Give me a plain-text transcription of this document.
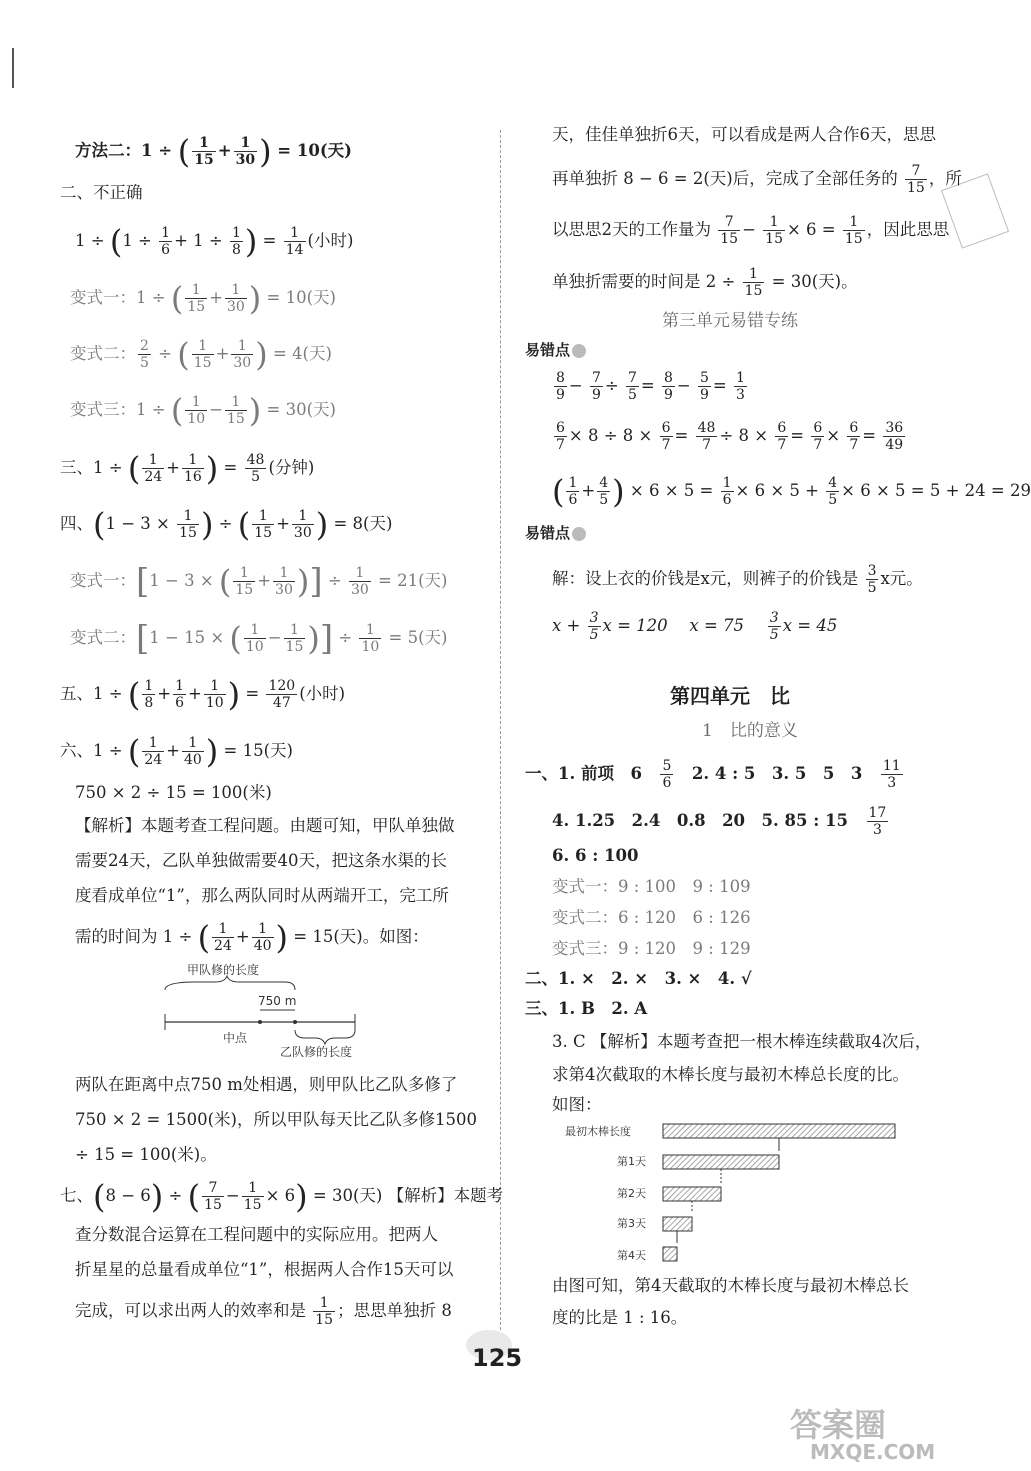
方法二：1 ÷ ( $\frac{1}{15} + \frac{1}{30}$ ) = 10(天)
二、不正确
$1 \div (1 \div \frac{1}{6} + 1 \div \frac{1}{8}$ ) = $\frac{1}{14}$ (小时)
变式一：1 ÷ ( $\frac{1}{15} + \frac{1}{30}$ ) = 10(天)
变式二： $\frac{2}{5}$ ÷ ( $\frac{1}{15} + \frac{1}{30}$ ) = 4(天)
变式三：1 ÷ ( $\frac{1}{10} - \frac{1}{15}$ ) = 30(天)
三、1 ÷ ( $\frac{1}{24} + \frac{1}{16}$ ) = $\frac{48}{5}$ (分钟)
四、($1 - 3 \times \frac{1}{15}$ ) ÷ ( $\frac{1}{15} + \frac{1}{30}$ ) = 8(天)
变式一：[1 − 3 × ( $\frac{1}{15} + \frac{1}{30}$ )] ÷ $\frac{1}{30} = 21$(天)
变式二：[1 − 15 × ( $\frac{1}{10} - \frac{1}{15}$ )] ÷ $\frac{1}{10} = 5$(天)
五、1 ÷ ( $\frac{1}{8} + \frac{1}{6} + \frac{1}{10}$ ) = $\frac{120}{47}$ (小时)
六、1 ÷ ( $\frac{1}{24} + \frac{1}{40}$ ) = 15(天)
750 × 2 ÷ 15 = 100(米)
【解析】本题考查工程问题。由题可知，甲队单独做
需要24天，乙队单独做需要40天，把这条水渠的长
度看成单位“1”，那么两队同时从两端开工，完工所
需的时间为 1 ÷ ( $\frac{1}{24} + \frac{1}{40}$ ) = 15(天)。如图：
甲队修的长度
750 m
中点
乙队修的长度
两队在距离中点750 m处相遇，则甲队比乙队多修了
750 × 2 = 1500(米)，所以甲队每天比乙队多修1500
÷ 15 = 100(米)。
七、(8 − 6) ÷ ( $\frac{7}{15} - \frac{1}{15} \times 6) = 30$(天) 【解析】本题考
查分数混合运算在工程问题中的实际应用。把两人
折星星的总量看成单位“1”，根据两人合作15天可以
完成，可以求出两人的效率和是 $\frac{1}{15}$ ；思思单独折 8
天，佳佳单独折6天，可以看成是两人合作6天，思思
再单独折 8 − 6 = 2(天)后，完成了全部任务的 $\frac{7}{15}$ ，所
以思思2天的工作量为 $\frac{7}{15} - \frac{1}{15} \times 6 = \frac{1}{15}$ ，因此思思
单独折需要的时间是 $2 \div \frac{1}{15} = 30$(天)。
第三单元易错专练
易错点
$\frac{8}{9} - \frac{7}{9} \div \frac{7}{5} = \frac{8}{9} - \frac{5}{9} = \frac{1}{3}$
$\frac{6}{7} \times 8 \div 8 \times \frac{6}{7} = \frac{48}{7} \div 8 \times \frac{6}{7} = \frac{6}{7} \times \frac{6}{7} = \frac{36}{49}$
( $\frac{1}{6} + \frac{4}{5}$ ) × $6 \times 5 = \frac{1}{6} \times 6 \times 5 + \frac{4}{5} \times 6 \times 5 = 5 + 24 = 29$
易错点
解：设上衣的价钱是x元，则裤子的价钱是 $\frac{3}{5}$ x元。
$x + \frac{3}{5}$ x = 120　 x = 75 　 $\frac{3}{5}$ x = 45
第四单元　比
1　比的意义
一、1. 前项　6　 $\frac{5}{6}$ 　2. 4 : 5　3. 5　5　3　 $\frac{11}{3}$
4. 1.25　2.4　0.8　20　5. 85 : 15　 $\frac{17}{3}$
6. 6 : 100
变式一：9 : 100　9 : 109
变式二：6 : 120　6 : 126
变式三：9 : 120　9 : 129
二、1. ×　2. ×　3. ×　4. √
三、1. B　2. A
3. C 【解析】本题考查把一根木棒连续截取4次后，
求第4次截取的木棒长度与最初木棒总长度的比。
如图：
最初木棒长度
第1天
第2天
第3天
第4天
由图可知，第4天截取的木棒长度与最初木棒总长
度的比是 1 : 16。
125
答案圈
MXQE.COM
